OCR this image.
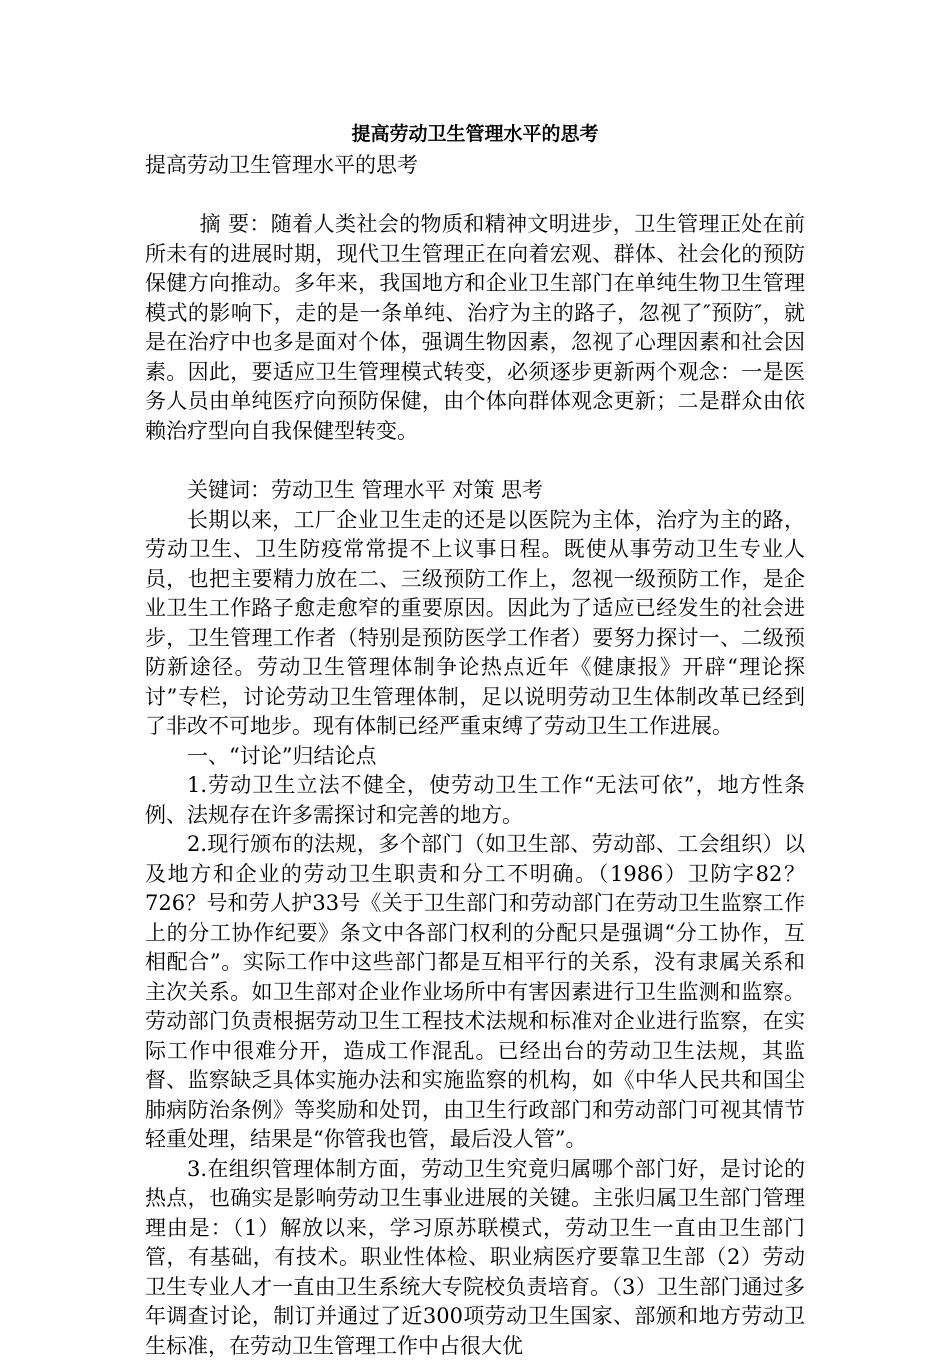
提高劳动卫生管理水平的思考

提高劳动卫生管理水平的思考

摘 要：随着人类社会的物质和精神文明进步，卫生管理正处在前所未有的进展时期，现代卫生管理正在向着宏观、群体、社会化的预防保健方向推动。多年来，我国地方和企业卫生部门在单纯生物卫生管理模式的影响下，走的是一条单纯、治疗为主的路子，忽视了″预防″，就是在治疗中也多是面对个体，强调生物因素，忽视了心理因素和社会因素。因此，要适应卫生管理模式转变，必须逐步更新两个观念：一是医务人员由单纯医疗向预防保健，由个体向群体观念更新；二是群众由依赖治疗型向自我保健型转变。

关键词：劳动卫生 管理水平 对策 思考

长期以来，工厂企业卫生走的还是以医院为主体，治疗为主的路，劳动卫生、卫生防疫常常提不上议事日程。既使从事劳动卫生专业人员，也把主要精力放在二、三级预防工作上，忽视一级预防工作，是企业卫生工作路子愈走愈窄的重要原因。因此为了适应已经发生的社会进步，卫生管理工作者（特别是预防医学工作者）要努力探讨一、二级预防新途径。劳动卫生管理体制争论热点近年《健康报》开辟“理论探讨”专栏，讨论劳动卫生管理体制，足以说明劳动卫生体制改革已经到了非改不可地步。现有体制已经严重束缚了劳动卫生工作进展。

一、“讨论”归结论点

1.劳动卫生立法不健全，使劳动卫生工作“无法可依”，地方性条例、法规存在许多需探讨和完善的地方。

2.现行颁布的法规，多个部门（如卫生部、劳动部、工会组织）以及地方和企业的劳动卫生职责和分工不明确。（1986）卫防字82？726？号和劳人护33号《关于卫生部门和劳动部门在劳动卫生监察工作上的分工协作纪要》条文中各部门权利的分配只是强调“分工协作，互相配合”。实际工作中这些部门都是互相平行的关系，没有隶属关系和主次关系。如卫生部对企业作业场所中有害因素进行卫生监测和监察。劳动部门负责根据劳动卫生工程技术法规和标准对企业进行监察，在实际工作中很难分开，造成工作混乱。已经出台的劳动卫生法规，其监督、监察缺乏具体实施办法和实施监察的机构，如《中华人民共和国尘肺病防治条例》等奖励和处罚，由卫生行政部门和劳动部门可视其情节轻重处理，结果是“你管我也管，最后没人管”。

3.在组织管理体制方面，劳动卫生究竟归属哪个部门好，是讨论的热点，也确实是影响劳动卫生事业进展的关键。主张归属卫生部门管理理由是：（1）解放以来，学习原苏联模式，劳动卫生一直由卫生部门管，有基础，有技术。职业性体检、职业病医疗要靠卫生部（2）劳动卫生专业人才一直由卫生系统大专院校负责培育。（3）卫生部门通过多年调查讨论，制订并通过了近300项劳动卫生国家、部颁和地方劳动卫生标准，在劳动卫生管理工作中占很大优
